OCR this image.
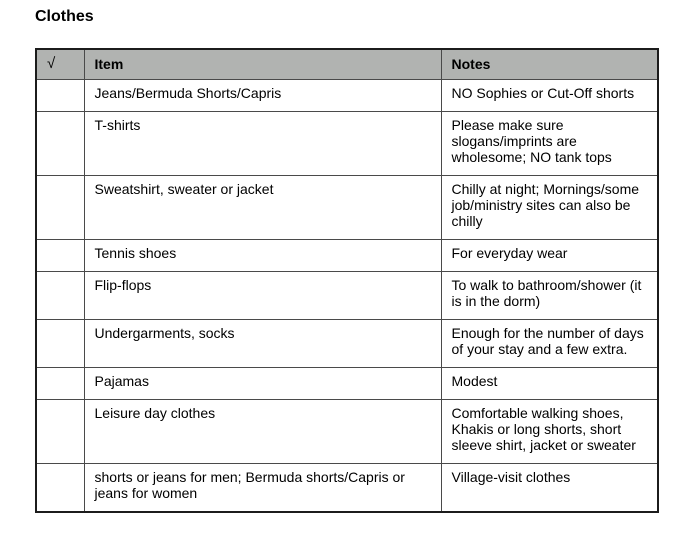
Clothes
√	Item	Notes
	Jeans/Bermuda Shorts/Capris	NO Sophies or Cut-Off shorts
	T-shirts	Please make sure slogans/imprints are wholesome; NO tank tops
	Sweatshirt, sweater or jacket	Chilly at night; Mornings/some job/ministry sites can also be chilly
	Tennis shoes	For everyday wear
	Flip-flops	To walk to bathroom/shower (it is in the dorm)
	Undergarments, socks	Enough for the number of days of your stay and a few extra.
	Pajamas	Modest
	Leisure day clothes	Comfortable walking shoes, Khakis or long shorts, short sleeve shirt, jacket or sweater
	shorts or jeans for men; Bermuda shorts/Capris or jeans for women	Village-visit clothes
